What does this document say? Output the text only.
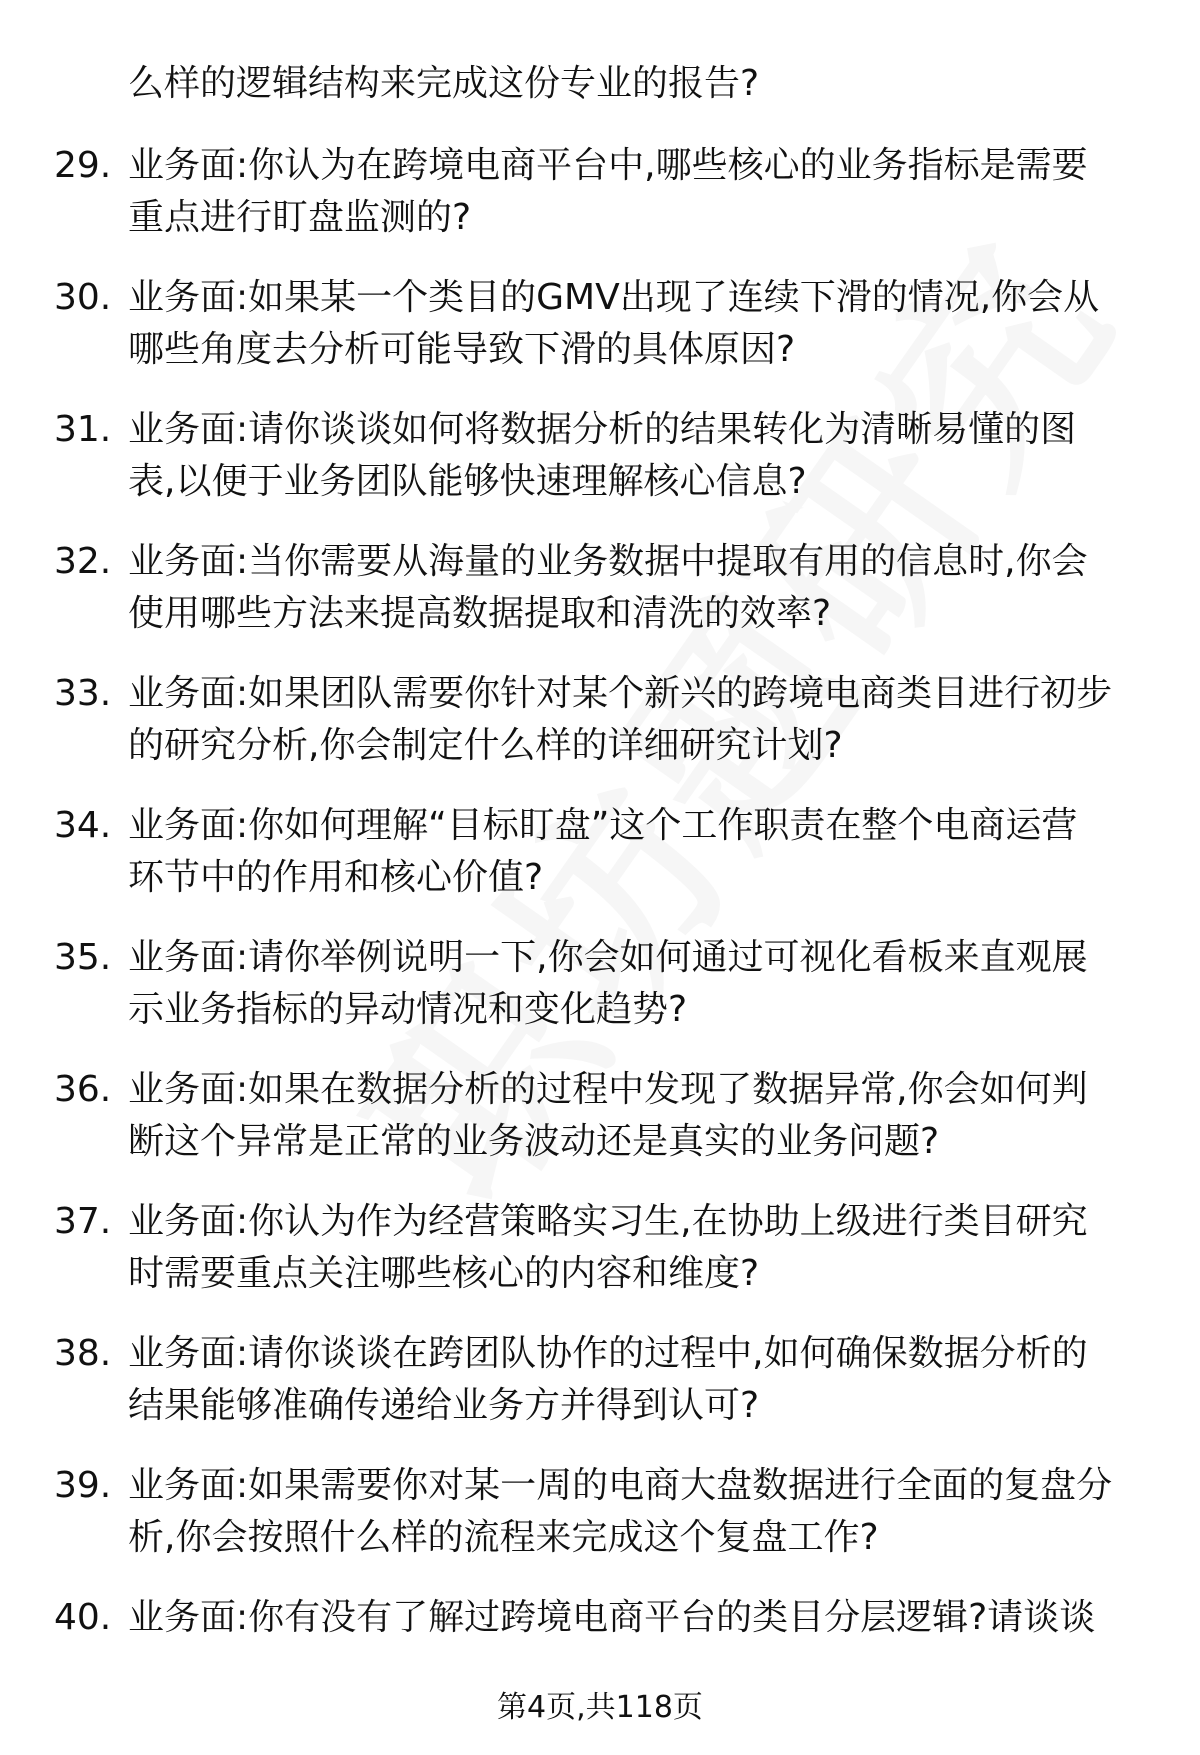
么样的逻辑结构来完成这份专业的报告?
29. 业务面:你认为在跨境电商平台中,哪些核心的业务指标是需要
重点进行盯盘监测的?
30. 业务面:如果某一个类目的GMV出现了连续下滑的情况,你会从
哪些角度去分析可能导致下滑的具体原因?
31. 业务面:请你谈谈如何将数据分析的结果转化为清晰易懂的图
表,以便于业务团队能够快速理解核心信息?
32. 业务面:当你需要从海量的业务数据中提取有用的信息时,你会
使用哪些方法来提高数据提取和清洗的效率?
33. 业务面:如果团队需要你针对某个新兴的跨境电商类目进行初步
的研究分析,你会制定什么样的详细研究计划?
34. 业务面:你如何理解“目标盯盘”这个工作职责在整个电商运营
环节中的作用和核心价值?
35. 业务面:请你举例说明一下,你会如何通过可视化看板来直观展
示业务指标的异动情况和变化趋势?
36. 业务面:如果在数据分析的过程中发现了数据异常,你会如何判
断这个异常是正常的业务波动还是真实的业务问题?
37. 业务面:你认为作为经营策略实习生,在协助上级进行类目研究
时需要重点关注哪些核心的内容和维度?
38. 业务面:请你谈谈在跨团队协作的过程中,如何确保数据分析的
结果能够准确传递给业务方并得到认可?
39. 业务面:如果需要你对某一周的电商大盘数据进行全面的复盘分
析,你会按照什么样的流程来完成这个复盘工作?
40. 业务面:你有没有了解过跨境电商平台的类目分层逻辑?请谈谈
第4页,共118页
